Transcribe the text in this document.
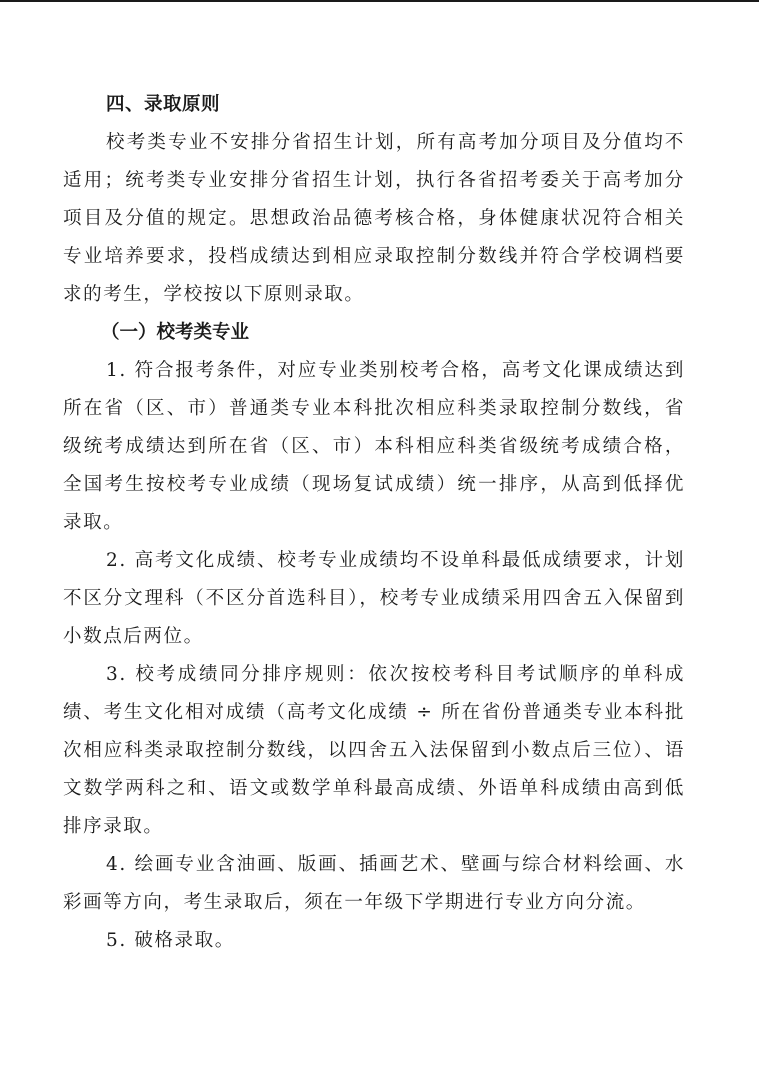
四、录取原则

校考类专业不安排分省招生计划，所有高考加分项目及分值均不适用；统考类专业安排分省招生计划，执行各省招考委关于高考加分项目及分值的规定。思想政治品德考核合格，身体健康状况符合相关专业培养要求，投档成绩达到相应录取控制分数线并符合学校调档要求的考生，学校按以下原则录取。

（一）校考类专业

1. 符合报考条件，对应专业类别校考合格，高考文化课成绩达到所在省（区、市）普通类专业本科批次相应科类录取控制分数线，省级统考成绩达到所在省（区、市）本科相应科类省级统考成绩合格，全国考生按校考专业成绩（现场复试成绩）统一排序，从高到低择优录取。

2. 高考文化成绩、校考专业成绩均不设单科最低成绩要求，计划不区分文理科（不区分首选科目），校考专业成绩采用四舍五入保留到小数点后两位。

3. 校考成绩同分排序规则：依次按校考科目考试顺序的单科成绩、考生文化相对成绩（高考文化成绩 ÷ 所在省份普通类专业本科批次相应科类录取控制分数线，以四舍五入法保留到小数点后三位）、语文数学两科之和、语文或数学单科最高成绩、外语单科成绩由高到低排序录取。

4. 绘画专业含油画、版画、插画艺术、壁画与综合材料绘画、水彩画等方向，考生录取后，须在一年级下学期进行专业方向分流。

5. 破格录取。
